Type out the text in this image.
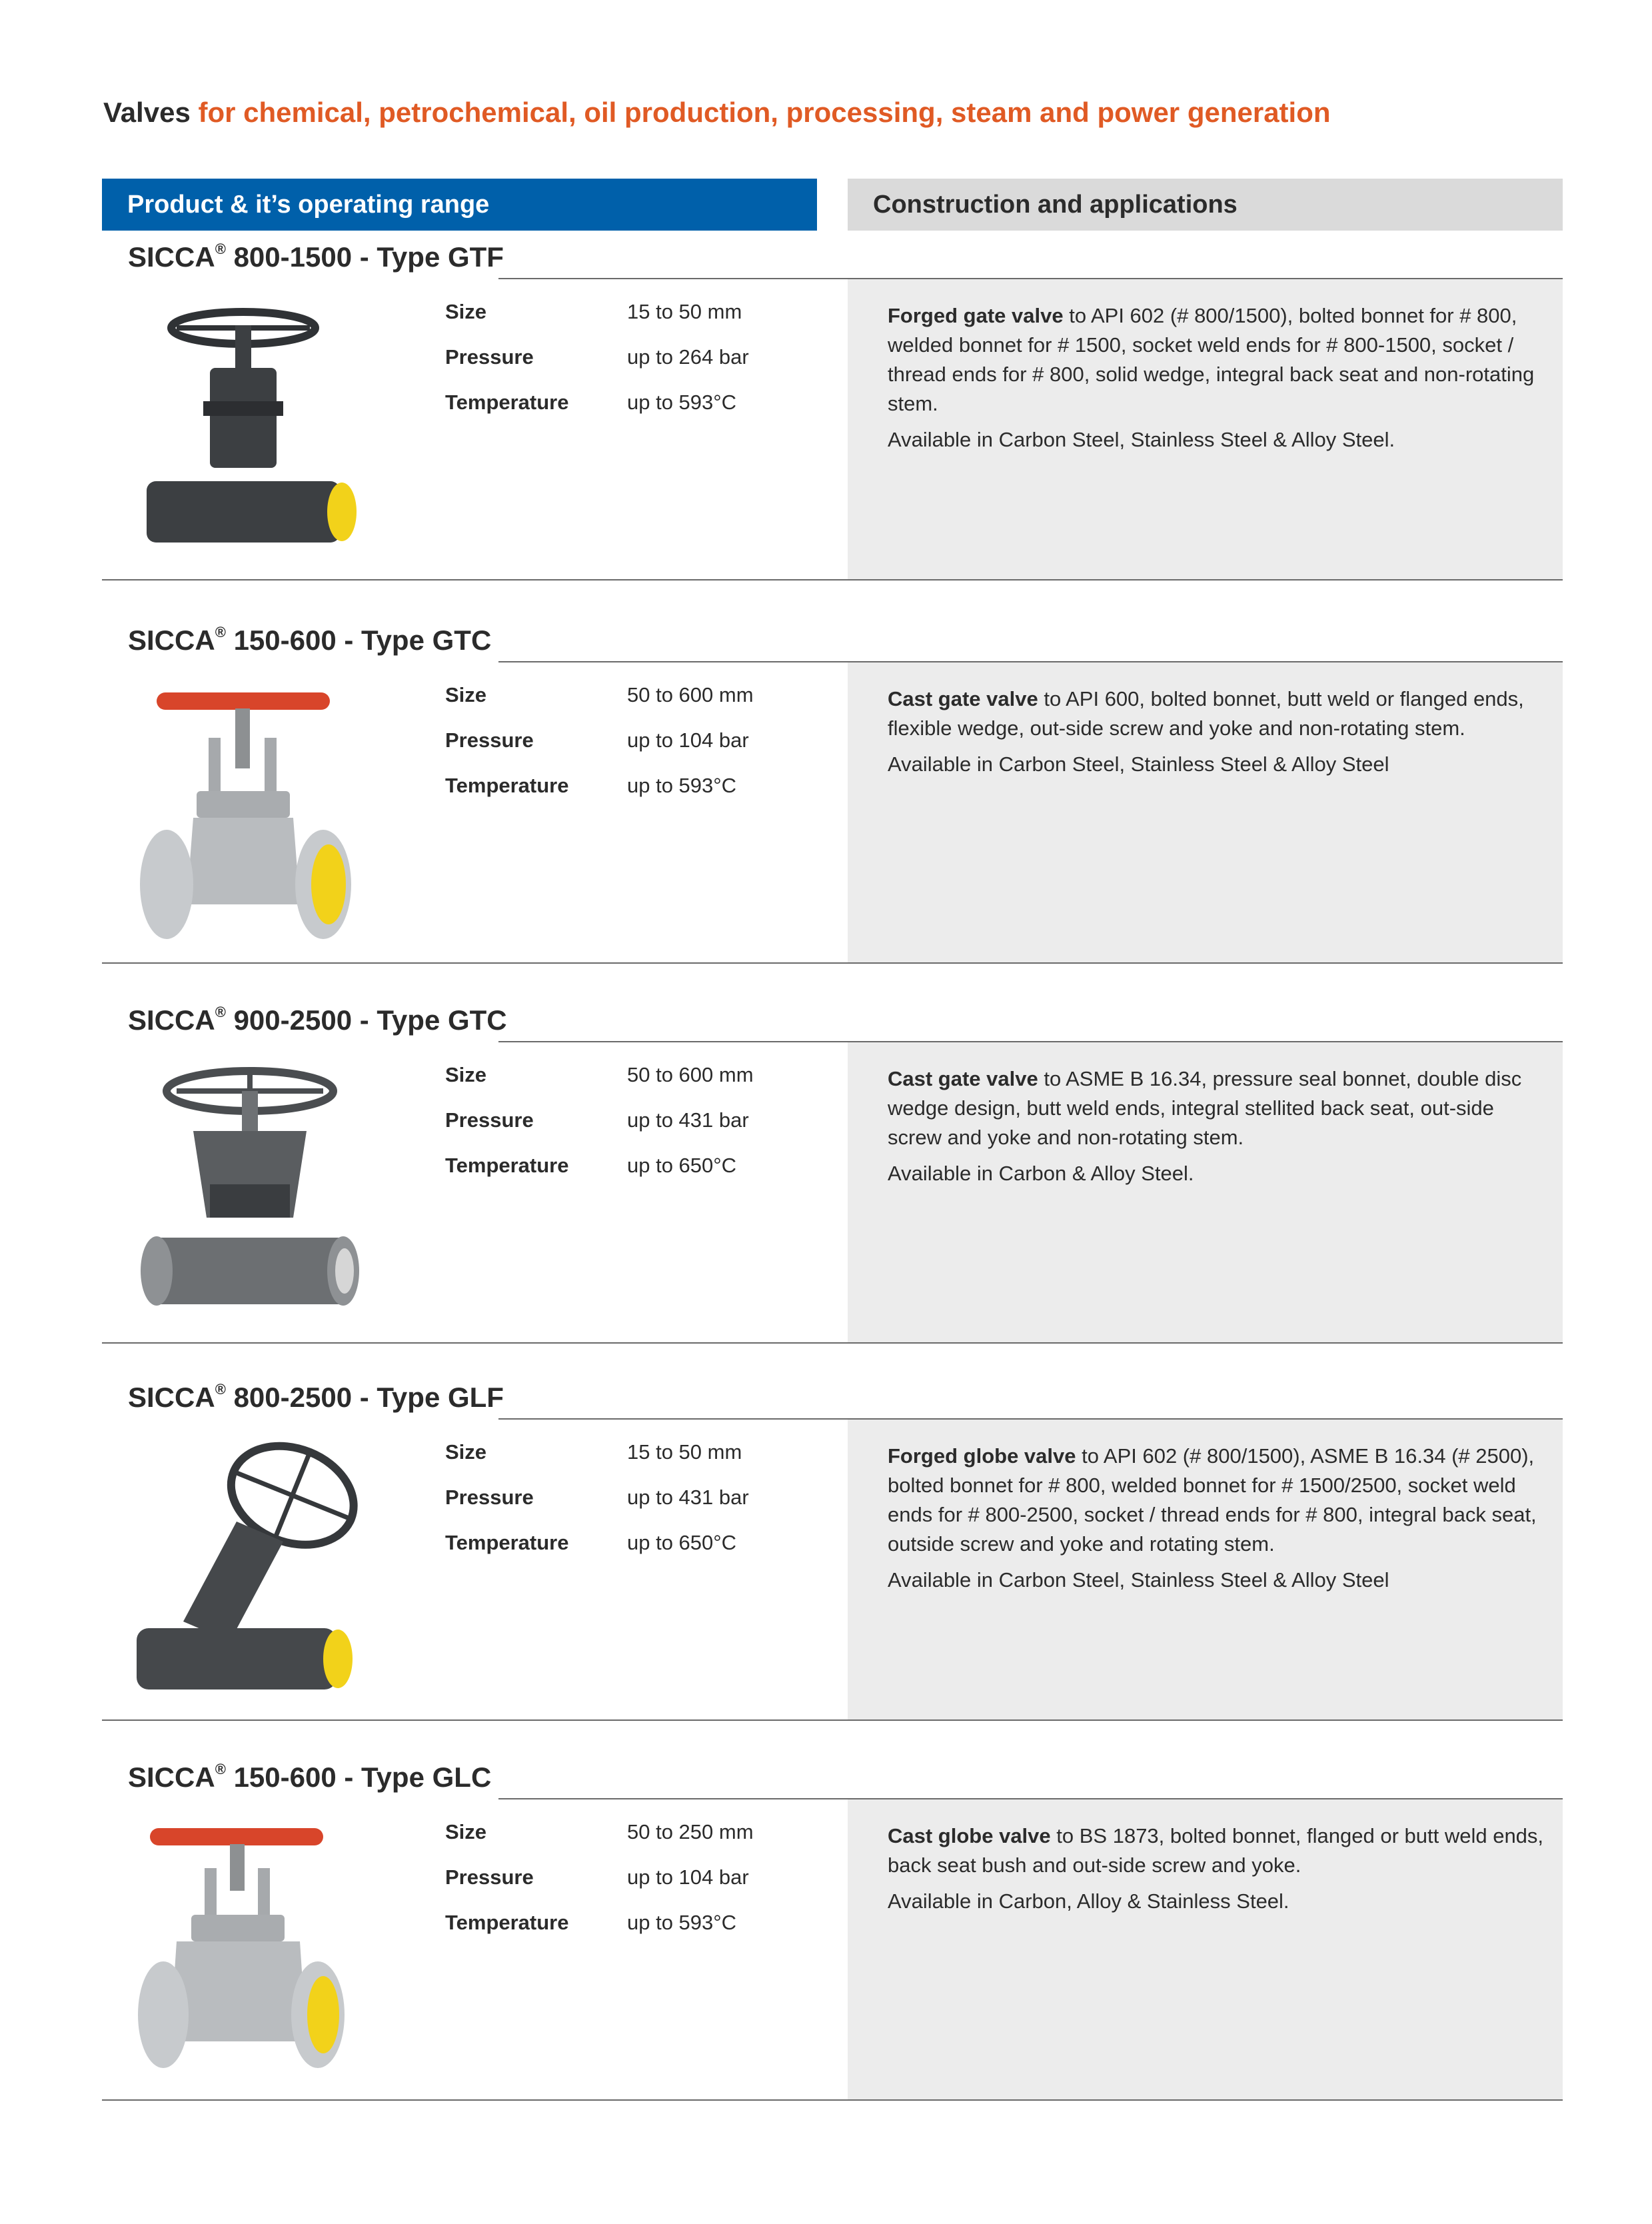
Valves for chemical, petrochemical, oil production, processing, steam and power generation
Product & it’s operating range	Construction and applications
SICCA® 800-1500 - Type GTF
Size	15 to 50 mm
Pressure	up to 264 bar
Temperature	up to 593°C

Forged gate valve to API 602 (# 800/1500), bolted bonnet for # 800, welded bonnet for # 1500, socket weld ends for # 800-1500, socket / thread ends for # 800, solid wedge, integral back seat and non-rotating stem.

Available in Carbon Steel, Stainless Steel & Alloy Steel.

SICCA® 150-600 - Type GTC
Size	50 to 600 mm
Pressure	up to 104 bar
Temperature	up to 593°C

Cast gate valve to API 600, bolted bonnet, butt weld or flanged ends, flexible wedge, out-side screw and yoke and non-rotating stem.

Available in Carbon Steel, Stainless Steel & Alloy Steel

SICCA® 900-2500 - Type GTC
Size	50 to 600 mm
Pressure	up to 431 bar
Temperature	up to 650°C

Cast gate valve to ASME B 16.34, pressure seal bonnet, double disc wedge design, butt weld ends, integral stellited back seat, out-side screw and yoke and non-rotating stem.

Available in Carbon & Alloy Steel.

SICCA® 800-2500 - Type GLF
Size	15 to 50 mm
Pressure	up to 431 bar
Temperature	up to 650°C

Forged globe valve to API 602 (# 800/1500), ASME B 16.34 (# 2500), bolted bonnet for # 800, welded bonnet for # 1500/2500, socket weld ends for # 800-2500, socket / thread ends for # 800, integral back seat, outside screw and yoke and rotating stem.

Available in Carbon Steel, Stainless Steel & Alloy Steel

SICCA® 150-600 - Type GLC
Size	50 to 250 mm
Pressure	up to 104 bar
Temperature	up to 593°C

Cast globe valve to BS 1873, bolted bonnet, flanged or butt weld ends, back seat bush and out-side screw and yoke.

Available in Carbon, Alloy & Stainless Steel.
